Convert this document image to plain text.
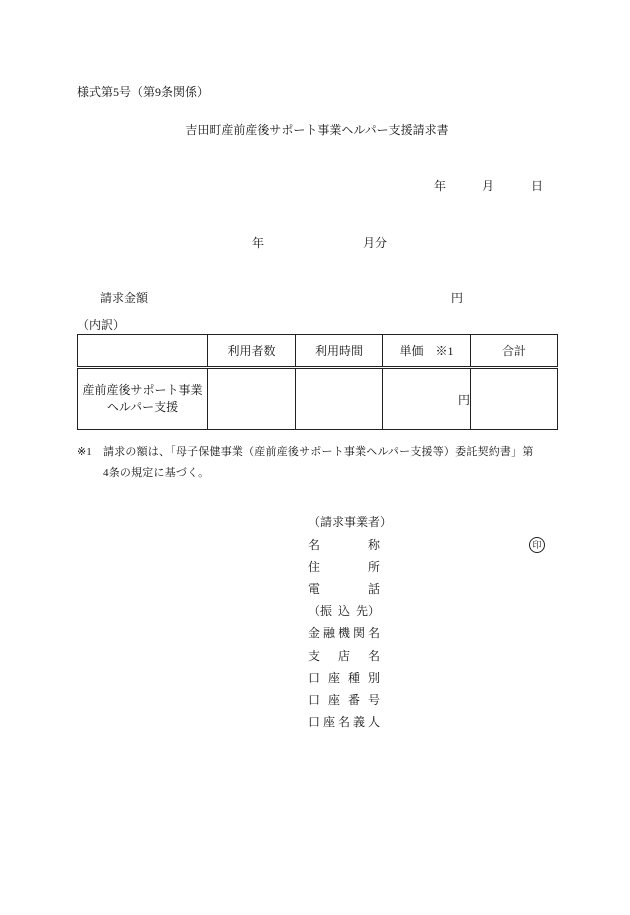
様式第5号（第9条関係）
吉田町産前産後サポート事業ヘルパー支援請求書
年	月	日
年	月分
請求金額	円
（内訳）
	利用者数	利用時間	単価　※1	合計

産前産後サポート事業
ヘルパー支援			円	
※1	請求の額は、「母子保健事業（産前産後サポート事業ヘルパー支援等）委託契約書」第
4条の規定に基づく。
（請求事業者）
名	称	印
住	所
電	話
（振 込 先）
金 融 機 関 名
支 店 名
口 座 種 別
口 座 番 号
口 座 名 義 人
